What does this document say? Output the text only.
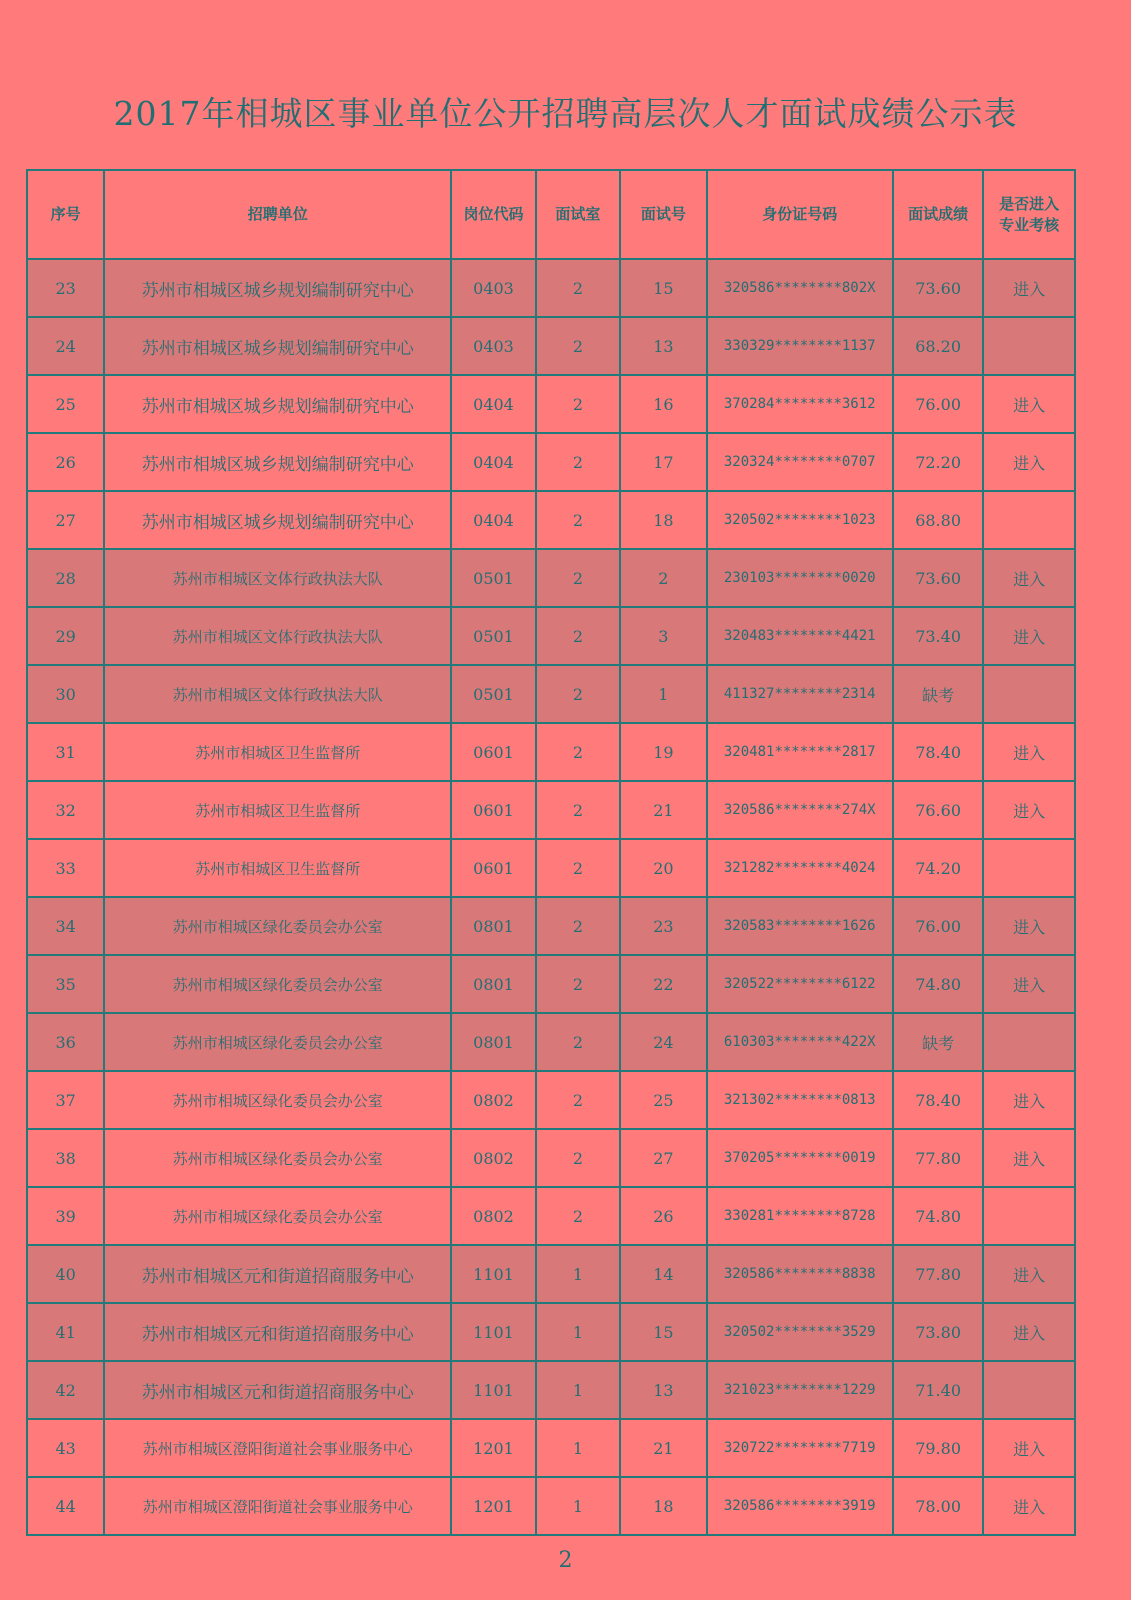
2017年相城区事业单位公开招聘高层次人才面试成绩公示表
序号	招聘单位	岗位代码	面试室	面试号	身份证号码	面试成绩	是否进入专业考核
23	苏州市相城区城乡规划编制研究中心	0403	2	15	320586********802X	73.60	进入
24	苏州市相城区城乡规划编制研究中心	0403	2	13	330329********1137	68.20	
25	苏州市相城区城乡规划编制研究中心	0404	2	16	370284********3612	76.00	进入
26	苏州市相城区城乡规划编制研究中心	0404	2	17	320324********0707	72.20	进入
27	苏州市相城区城乡规划编制研究中心	0404	2	18	320502********1023	68.80	
28	苏州市相城区文体行政执法大队	0501	2	2	230103********0020	73.60	进入
29	苏州市相城区文体行政执法大队	0501	2	3	320483********4421	73.40	进入
30	苏州市相城区文体行政执法大队	0501	2	1	411327********2314	缺考	
31	苏州市相城区卫生监督所	0601	2	19	320481********2817	78.40	进入
32	苏州市相城区卫生监督所	0601	2	21	320586********274X	76.60	进入
33	苏州市相城区卫生监督所	0601	2	20	321282********4024	74.20	
34	苏州市相城区绿化委员会办公室	0801	2	23	320583********1626	76.00	进入
35	苏州市相城区绿化委员会办公室	0801	2	22	320522********6122	74.80	进入
36	苏州市相城区绿化委员会办公室	0801	2	24	610303********422X	缺考	
37	苏州市相城区绿化委员会办公室	0802	2	25	321302********0813	78.40	进入
38	苏州市相城区绿化委员会办公室	0802	2	27	370205********0019	77.80	进入
39	苏州市相城区绿化委员会办公室	0802	2	26	330281********8728	74.80	
40	苏州市相城区元和街道招商服务中心	1101	1	14	320586********8838	77.80	进入
41	苏州市相城区元和街道招商服务中心	1101	1	15	320502********3529	73.80	进入
42	苏州市相城区元和街道招商服务中心	1101	1	13	321023********1229	71.40	
43	苏州市相城区澄阳街道社会事业服务中心	1201	1	21	320722********7719	79.80	进入
44	苏州市相城区澄阳街道社会事业服务中心	1201	1	18	320586********3919	78.00	进入
2
